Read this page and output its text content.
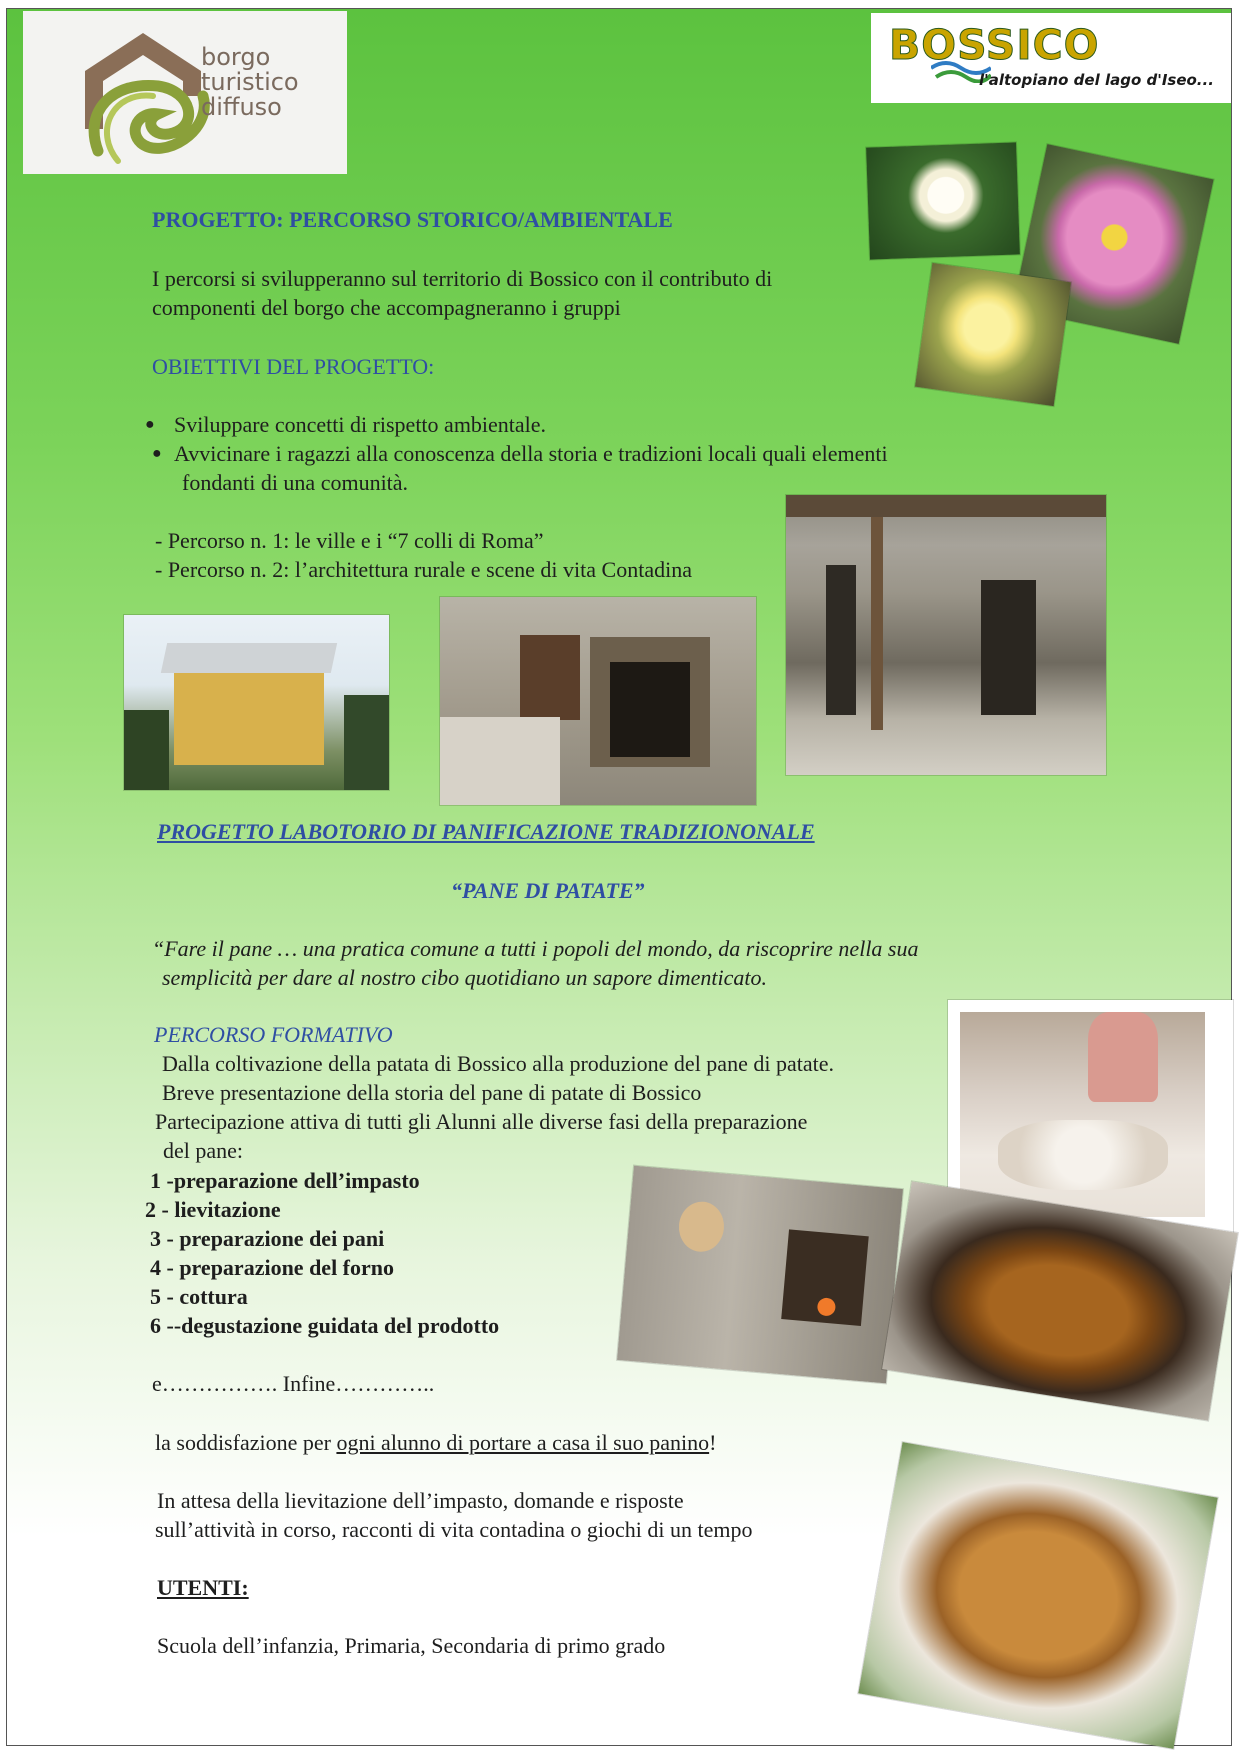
borgo
turistico
diffuso
BOSSICO
l'altopiano del lago d'Iseo...
PROGETTO: PERCORSO STORICO/AMBIENTALE
I percorsi si svilupperanno sul territorio di Bossico con il contributo di
componenti del borgo che accompagneranno i gruppi
OBIETTIVI DEL PROGETTO:
● Sviluppare concetti di rispetto ambientale.
● Avvicinare i ragazzi alla conoscenza della storia e tradizioni locali quali elementi
fondanti di una comunità.
- Percorso n. 1: le ville e i “7 colli di Roma”
- Percorso n. 2: l’architettura rurale e scene di vita Contadina
PROGETTO LABOTORIO DI PANIFICAZIONE TRADIZIONONALE
“PANE DI PATATE”
“Fare il pane … una pratica comune a tutti i popoli del mondo, da riscoprire nella sua
semplicità per dare al nostro cibo quotidiano un sapore dimenticato.
PERCORSO FORMATIVO
Dalla coltivazione della patata di Bossico alla produzione del pane di patate.
Breve presentazione della storia del pane di patate di Bossico
Partecipazione attiva di tutti gli Alunni alle diverse fasi della preparazione
del pane:
1 -preparazione dell’impasto
2 - lievitazione
3 - preparazione dei pani
4 - preparazione del forno
5 - cottura
6 --degustazione guidata del prodotto
e……………. Infine…………..
la soddisfazione per ogni alunno di portare a casa il suo panino!
In attesa della lievitazione dell’impasto, domande e risposte
sull’attività in corso, racconti di vita contadina o giochi di un tempo
UTENTI:
Scuola dell’infanzia, Primaria, Secondaria di primo grado
